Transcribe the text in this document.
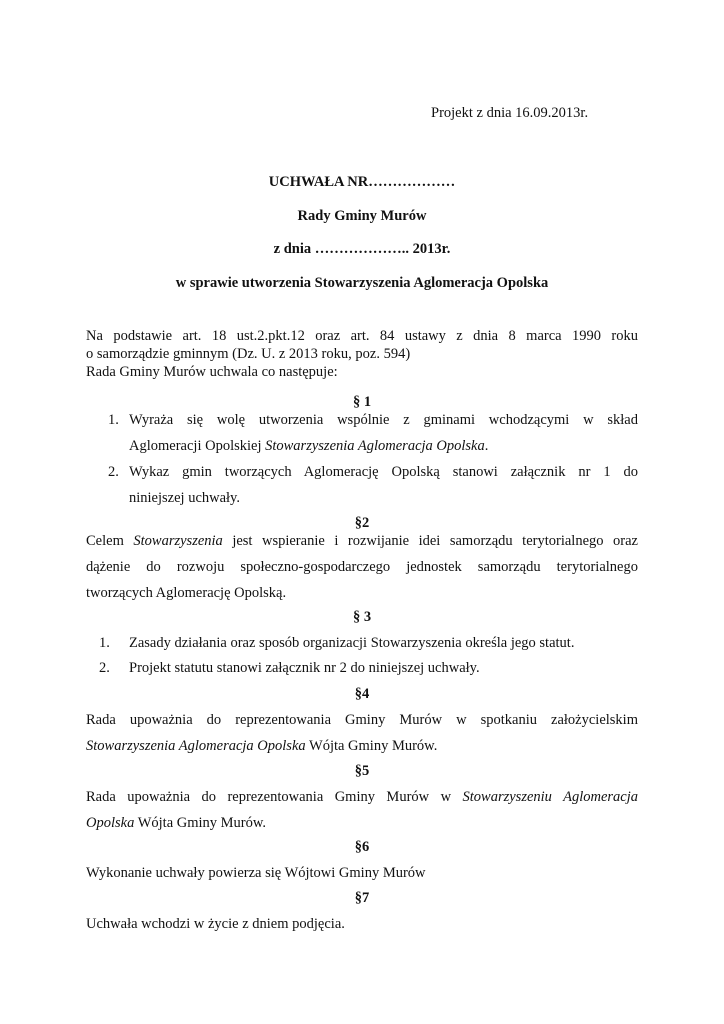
Projekt z dnia 16.09.2013r.
UCHWAŁA NR………………
Rady Gminy Murów
z dnia ……………….. 2013r.
w sprawie utworzenia Stowarzyszenia Aglomeracja Opolska
Na podstawie art. 18 ust.2.pkt.12 oraz art. 84 ustawy z dnia 8 marca 1990 roku
o samorządzie gminnym (Dz. U. z 2013 roku, poz. 594)
Rada Gminy Murów uchwala co następuje:
§ 1
1. Wyraża się wolę utworzenia wspólnie z gminami wchodzącymi w skład
Aglomeracji Opolskiej Stowarzyszenia Aglomeracja Opolska.
2. Wykaz gmin tworzących Aglomerację Opolską stanowi załącznik nr 1 do
niniejszej uchwały.
§2
Celem Stowarzyszenia jest wspieranie i rozwijanie idei samorządu terytorialnego oraz
dążenie do rozwoju społeczno-gospodarczego jednostek samorządu terytorialnego
tworzących Aglomerację Opolską.
§ 3
1. Zasady działania oraz sposób organizacji Stowarzyszenia określa jego statut.
2. Projekt statutu stanowi załącznik nr 2 do niniejszej uchwały.
§4
Rada upoważnia do reprezentowania Gminy Murów w spotkaniu założycielskim
Stowarzyszenia Aglomeracja Opolska Wójta Gminy Murów.
§5
Rada upoważnia do reprezentowania Gminy Murów w Stowarzyszeniu Aglomeracja
Opolska Wójta Gminy Murów.
§6
Wykonanie uchwały powierza się Wójtowi Gminy Murów
§7
Uchwała wchodzi w życie z dniem podjęcia.
